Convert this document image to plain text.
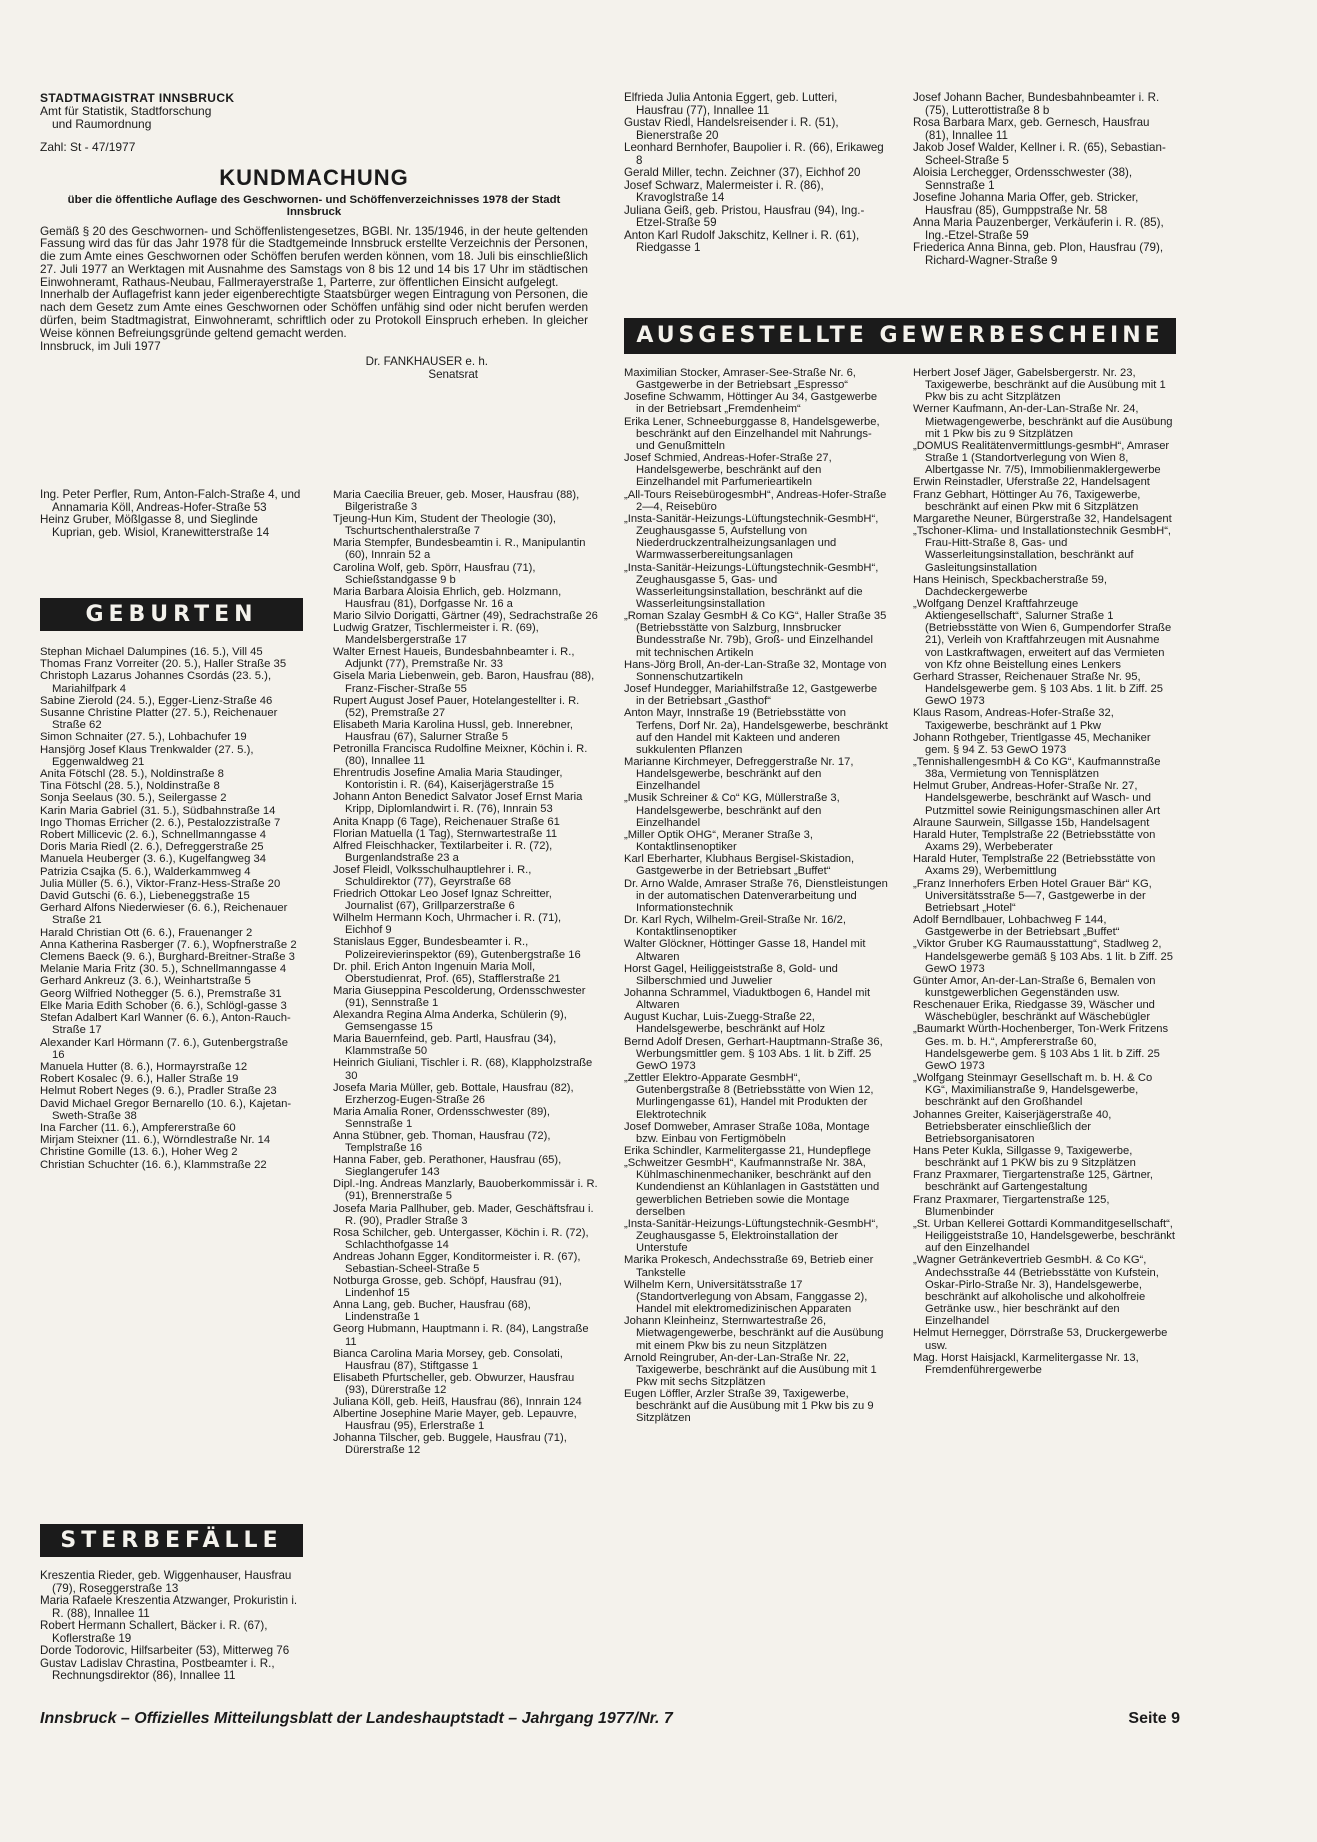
STADTMAGISTRAT INNSBRUCK
Amt für Statistik, Stadtforschung
und Raumordnung
Zahl: St - 47/1977
KUNDMACHUNG
über die öffentliche Auflage des Geschwornen- und Schöffenverzeichnisses 1978 der Stadt Innsbruck
Gemäß § 20 des Geschwornen- und Schöffenlistengesetzes, BGBl. Nr. 135/1946, in der heute geltenden Fassung wird das für das Jahr 1978 für die Stadtgemeinde Innsbruck erstellte Verzeichnis der Personen, die zum Amte eines Geschwornen oder Schöffen berufen werden können, vom 18. Juli bis einschließlich 27. Juli 1977 an Werktagen mit Ausnahme des Samstags von 8 bis 12 und 14 bis 17 Uhr im städtischen Einwohneramt, Rathaus-Neubau, Fallmerayerstraße 1, Parterre, zur öffentlichen Einsicht aufgelegt.
Innerhalb der Auflagefrist kann jeder eigenberechtigte Staatsbürger wegen Eintragung von Personen, die nach dem Gesetz zum Amte eines Geschwornen oder Schöffen unfähig sind oder nicht berufen werden dürfen, beim Stadtmagistrat, Einwohneramt, schriftlich oder zu Protokoll Einspruch erheben. In gleicher Weise können Befreiungsgründe geltend gemacht werden.
Innsbruck, im Juli 1977
Dr. FANKHAUSER e. h.
Senatsrat
Ing. Peter Perfler, Rum, Anton-Falch-Straße 4, und Annamaria Köll, Andreas-Hofer-Straße 53
Heinz Gruber, Mößlgasse 8, und Sieglinde Kuprian, geb. Wisiol, Kranewitterstraße 14
GEBURTEN
Stephan Michael Dalumpines (16. 5.), Vill 45
Thomas Franz Vorreiter (20. 5.), Haller Straße 35
Christoph Lazarus Johannes Csordás (23. 5.), Mariahilfpark 4
Sabine Zierold (24. 5.), Egger-Lienz-Straße 46
Susanne Christine Platter (27. 5.), Reichenauer Straße 62
Simon Schnaiter (27. 5.), Lohbachufer 19
Hansjörg Josef Klaus Trenkwalder (27. 5.), Eggenwaldweg 21
Anita Fötschl (28. 5.), Noldinstraße 8
Tina Fötschl (28. 5.), Noldinstraße 8
Sonja Seelaus (30. 5.), Seilergasse 2
Karin Maria Gabriel (31. 5.), Südbahnstraße 14
Ingo Thomas Erricher (2. 6.), Pestalozzistraße 7
Robert Millicevic (2. 6.), Schnellmanngasse 4
Doris Maria Riedl (2. 6.), Defreggerstraße 25
Manuela Heuberger (3. 6.), Kugelfangweg 34
Patrizia Csajka (5. 6.), Walderkammweg 4
Julia Müller (5. 6.), Viktor-Franz-Hess-Straße 20
David Gutschi (6. 6.), Liebeneggstraße 15
Gerhard Alfons Niederwieser (6. 6.), Reichenauer Straße 21
Harald Christian Ott (6. 6.), Frauenanger 2
Anna Katherina Rasberger (7. 6.), Wopfnerstraße 2
Clemens Baeck (9. 6.), Burghard-Breitner-Straße 3
Melanie Maria Fritz (30. 5.), Schnellmanngasse 4
Gerhard Ankreuz (3. 6.), Weinhartstraße 5
Georg Wilfried Nothegger (5. 6.), Premstraße 31
Elke Maria Edith Schober (6. 6.), Schlögl-gasse 3
Stefan Adalbert Karl Wanner (6. 6.), Anton-Rauch-Straße 17
Alexander Karl Hörmann (7. 6.), Gutenbergstraße 16
Manuela Hutter (8. 6.), Hormayrstraße 12
Robert Kosalec (9. 6.), Haller Straße 19
Helmut Robert Neges (9. 6.), Pradler Straße 23
David Michael Gregor Bernarello (10. 6.), Kajetan-Sweth-Straße 38
Ina Farcher (11. 6.), Ampfererstraße 60
Mirjam Steixner (11. 6.), Wörndlestraße Nr. 14
Christine Gomille (13. 6.), Hoher Weg 2
Christian Schuchter (16. 6.), Klammstraße 22
STERBEFÄLLE
Kreszentia Rieder, geb. Wiggenhauser, Hausfrau (79), Roseggerstraße 13
Maria Rafaele Kreszentia Atzwanger, Prokuristin i. R. (88), Innallee 11
Robert Hermann Schallert, Bäcker i. R. (67), Koflerstraße 19
Dorde Todorovic, Hilfsarbeiter (53), Mitterweg 76
Gustav Ladislav Chrastina, Postbeamter i. R., Rechnungsdirektor (86), Innallee 11
Maria Caecilia Breuer, geb. Moser, Hausfrau (88), Bilgeristraße 3
Tjeung-Hun Kim, Student der Theologie (30), Tschurtschenthalerstraße 7
Maria Stempfer, Bundesbeamtin i. R., Manipulantin (60), Innrain 52 a
Carolina Wolf, geb. Spörr, Hausfrau (71), Schießstandgasse 9 b
Maria Barbara Aloisia Ehrlich, geb. Holzmann, Hausfrau (81), Dorfgasse Nr. 16 a
Mario Silvio Dorigatti, Gärtner (49), Sedrachstraße 26
Ludwig Gratzer, Tischlermeister i. R. (69), Mandelsbergerstraße 17
Walter Ernest Haueis, Bundesbahnbeamter i. R., Adjunkt (77), Premstraße Nr. 33
Gisela Maria Liebenwein, geb. Baron, Hausfrau (88), Franz-Fischer-Straße 55
Rupert August Josef Pauer, Hotelangestellter i. R. (52), Premstraße 27
Elisabeth Maria Karolina Hussl, geb. Innerebner, Hausfrau (67), Salurner Straße 5
Petronilla Francisca Rudolfine Meixner, Köchin i. R. (80), Innallee 11
Ehrentrudis Josefine Amalia Maria Staudinger, Kontoristin i. R. (64), Kaiserjägerstraße 15
Johann Anton Benedict Salvator Josef Ernst Maria Kripp, Diplomlandwirt i. R. (76), Innrain 53
Anita Knapp (6 Tage), Reichenauer Straße 61
Florian Matuella (1 Tag), Sternwartestraße 11
Alfred Fleischhacker, Textilarbeiter i. R. (72), Burgenlandstraße 23 a
Josef Fleidl, Volksschulhauptlehrer i. R., Schuldirektor (77), Geyrstraße 68
Friedrich Ottokar Leo Josef Ignaz Schreitter, Journalist (67), Grillparzerstraße 6
Wilhelm Hermann Koch, Uhrmacher i. R. (71), Eichhof 9
Stanislaus Egger, Bundesbeamter i. R., Polizeirevierinspektor (69), Gutenbergstraße 16
Dr. phil. Erich Anton Ingenuin Maria Moll, Oberstudienrat, Prof. (65), Stafflerstraße 21
Maria Giuseppina Pescolderung, Ordensschwester (91), Sennstraße 1
Alexandra Regina Alma Anderka, Schülerin (9), Gemsengasse 15
Maria Bauernfeind, geb. Partl, Hausfrau (34), Klammstraße 50
Heinrich Giuliani, Tischler i. R. (68), Klappholzstraße 30
Josefa Maria Müller, geb. Bottale, Hausfrau (82), Erzherzog-Eugen-Straße 26
Maria Amalia Roner, Ordensschwester (89), Sennstraße 1
Anna Stübner, geb. Thoman, Hausfrau (72), Templstraße 16
Hanna Faber, geb. Perathoner, Hausfrau (65), Sieglangerufer 143
Dipl.-Ing. Andreas Manzlarly, Bauoberkommissär i. R. (91), Brennerstraße 5
Josefa Maria Pallhuber, geb. Mader, Geschäftsfrau i. R. (90), Pradler Straße 3
Rosa Schilcher, geb. Untergasser, Köchin i. R. (72), Schlachthofgasse 14
Andreas Johann Egger, Konditormeister i. R. (67), Sebastian-Scheel-Straße 5
Notburga Grosse, geb. Schöpf, Hausfrau (91), Lindenhof 15
Anna Lang, geb. Bucher, Hausfrau (68), Lindenstraße 1
Georg Hubmann, Hauptmann i. R. (84), Langstraße 11
Bianca Carolina Maria Morsey, geb. Consolati, Hausfrau (87), Stiftgasse 1
Elisabeth Pfurtscheller, geb. Obwurzer, Hausfrau (93), Dürerstraße 12
Juliana Köll, geb. Heiß, Hausfrau (86), Innrain 124
Albertine Josephine Marie Mayer, geb. Lepauvre, Hausfrau (95), Erlerstraße 1
Johanna Tilscher, geb. Buggele, Hausfrau (71), Dürerstraße 12
Elfrieda Julia Antonia Eggert, geb. Lutteri, Hausfrau (77), Innallee 11
Gustav Riedl, Handelsreisender i. R. (51), Bienerstraße 20
Leonhard Bernhofer, Baupolier i. R. (66), Erikaweg 8
Gerald Miller, techn. Zeichner (37), Eichhof 20
Josef Schwarz, Malermeister i. R. (86), Kravoglstraße 14
Juliana Geiß, geb. Pristou, Hausfrau (94), Ing.-Etzel-Straße 59
Anton Karl Rudolf Jakschitz, Kellner i. R. (61), Riedgasse 1
Josef Johann Bacher, Bundesbahnbeamter i. R. (75), Lutterottistraße 8 b
Rosa Barbara Marx, geb. Gernesch, Hausfrau (81), Innallee 11
Jakob Josef Walder, Kellner i. R. (65), Sebastian-Scheel-Straße 5
Aloisia Lerchegger, Ordensschwester (38), Sennstraße 1
Josefine Johanna Maria Offer, geb. Stricker, Hausfrau (85), Gumppstraße Nr. 58
Anna Maria Pauzenberger, Verkäuferin i. R. (85), Ing.-Etzel-Straße 59
Friederica Anna Binna, geb. Plon, Hausfrau (79), Richard-Wagner-Straße 9
AUSGESTELLTE GEWERBESCHEINE
Maximilian Stocker, Amraser-See-Straße Nr. 6, Gastgewerbe in der Betriebsart „Espresso“
Josefine Schwamm, Höttinger Au 34, Gastgewerbe in der Betriebsart „Fremdenheim“
Erika Lener, Schneeburggasse 8, Handelsgewerbe, beschränkt auf den Einzelhandel mit Nahrungs- und Genußmitteln
Josef Schmied, Andreas-Hofer-Straße 27, Handelsgewerbe, beschränkt auf den Einzelhandel mit Parfumerieartikeln
„All-Tours ReisebürogesmbH“, Andreas-Hofer-Straße 2—4, Reisebüro
„Insta-Sanitär-Heizungs-Lüftungstechnik-GesmbH“, Zeughausgasse 5, Aufstellung von Niederdruckzentralheizungsanlagen und Warmwasserbereitungsanlagen
„Insta-Sanitär-Heizungs-Lüftungstechnik-GesmbH“, Zeughausgasse 5, Gas- und Wasserleitungsinstallation, beschränkt auf die Wasserleitungsinstallation
„Roman Szalay GesmbH & Co KG“, Haller Straße 35 (Betriebsstätte von Salzburg, Innsbrucker Bundesstraße Nr. 79b), Groß- und Einzelhandel mit technischen Artikeln
Hans-Jörg Broll, An-der-Lan-Straße 32, Montage von Sonnenschutzartikeln
Josef Hundegger, Mariahilfstraße 12, Gastgewerbe in der Betriebsart „Gasthof“
Anton Mayr, Innstraße 19 (Betriebsstätte von Terfens, Dorf Nr. 2a), Handelsgewerbe, beschränkt auf den Handel mit Kakteen und anderen sukkulenten Pflanzen
Marianne Kirchmeyer, Defreggerstraße Nr. 17, Handelsgewerbe, beschränkt auf den Einzelhandel
„Musik Schreiner & Co“ KG, Müllerstraße 3, Handelsgewerbe, beschränkt auf den Einzelhandel
„Miller Optik OHG“, Meraner Straße 3, Kontaktlinsenoptiker
Karl Eberharter, Klubhaus Bergisel-Skistadion, Gastgewerbe in der Betriebsart „Buffet“
Dr. Arno Walde, Amraser Straße 76, Dienstleistungen in der automatischen Datenverarbeitung und Informationstechnik
Dr. Karl Rych, Wilhelm-Greil-Straße Nr. 16/2, Kontaktlinsenoptiker
Walter Glöckner, Höttinger Gasse 18, Handel mit Altwaren
Horst Gagel, Heiliggeiststraße 8, Gold- und Silberschmied und Juwelier
Johanna Schrammel, Viaduktbogen 6, Handel mit Altwaren
August Kuchar, Luis-Zuegg-Straße 22, Handelsgewerbe, beschränkt auf Holz
Bernd Adolf Dresen, Gerhart-Hauptmann-Straße 36, Werbungsmittler gem. § 103 Abs. 1 lit. b Ziff. 25 GewO 1973
„Zettler Elektro-Apparate GesmbH“, Gutenbergstraße 8 (Betriebsstätte von Wien 12, Murlingengasse 61), Handel mit Produkten der Elektrotechnik
Josef Domweber, Amraser Straße 108a, Montage bzw. Einbau von Fertigmöbeln
Erika Schindler, Karmelitergasse 21, Hundepflege
„Schweitzer GesmbH“, Kaufmannstraße Nr. 38A, Kühlmaschinenmechaniker, beschränkt auf den Kundendienst an Kühlanlagen in Gaststätten und gewerblichen Betrieben sowie die Montage derselben
„Insta-Sanitär-Heizungs-Lüftungstechnik-GesmbH“, Zeughausgasse 5, Elektroinstallation der Unterstufe
Marika Prokesch, Andechsstraße 69, Betrieb einer Tankstelle
Wilhelm Kern, Universitätsstraße 17 (Standortverlegung von Absam, Fanggasse 2), Handel mit elektromedizinischen Apparaten
Johann Kleinheinz, Sternwartestraße 26, Mietwagengewerbe, beschränkt auf die Ausübung mit einem Pkw bis zu neun Sitzplätzen
Arnold Reingruber, An-der-Lan-Straße Nr. 22, Taxigewerbe, beschränkt auf die Ausübung mit 1 Pkw mit sechs Sitzplätzen
Eugen Löffler, Arzler Straße 39, Taxigewerbe, beschränkt auf die Ausübung mit 1 Pkw bis zu 9 Sitzplätzen
Herbert Josef Jäger, Gabelsbergerstr. Nr. 23, Taxigewerbe, beschränkt auf die Ausübung mit 1 Pkw bis zu acht Sitzplätzen
Werner Kaufmann, An-der-Lan-Straße Nr. 24, Mietwagengewerbe, beschränkt auf die Ausübung mit 1 Pkw bis zu 9 Sitzplätzen
„DOMUS Realitätenvermittlungs-gesmbH“, Amraser Straße 1 (Standortverlegung von Wien 8, Albertgasse Nr. 7/5), Immobilienmaklergewerbe
Erwin Reinstadler, Uferstraße 22, Handelsagent
Franz Gebhart, Höttinger Au 76, Taxigewerbe, beschränkt auf einen Pkw mit 6 Sitzplätzen
Margarethe Neuner, Bürgerstraße 32, Handelsagent
„Tschoner-Klima- und Installationstechnik GesmbH“, Frau-Hitt-Straße 8, Gas- und Wasserleitungsinstallation, beschränkt auf Gasleitungsinstallation
Hans Heinisch, Speckbacherstraße 59, Dachdeckergewerbe
„Wolfgang Denzel Kraftfahrzeuge Aktiengesellschaft“, Salurner Straße 1 (Betriebsstätte von Wien 6, Gumpendorfer Straße 21), Verleih von Kraftfahrzeugen mit Ausnahme von Lastkraftwagen, erweitert auf das Vermieten von Kfz ohne Beistellung eines Lenkers
Gerhard Strasser, Reichenauer Straße Nr. 95, Handelsgewerbe gem. § 103 Abs. 1 lit. b Ziff. 25 GewO 1973
Klaus Rasom, Andreas-Hofer-Straße 32, Taxigewerbe, beschränkt auf 1 Pkw
Johann Rothgeber, Trientlgasse 45, Mechaniker gem. § 94 Z. 53 GewO 1973
„TennishallengesmbH & Co KG“, Kaufmannstraße 38a, Vermietung von Tennisplätzen
Helmut Gruber, Andreas-Hofer-Straße Nr. 27, Handelsgewerbe, beschränkt auf Wasch- und Putzmittel sowie Reinigungsmaschinen aller Art
Alraune Saurwein, Sillgasse 15b, Handelsagent
Harald Huter, Templstraße 22 (Betriebsstätte von Axams 29), Werbeberater
Harald Huter, Templstraße 22 (Betriebsstätte von Axams 29), Werbemittlung
„Franz Innerhofers Erben Hotel Grauer Bär“ KG, Universitätsstraße 5—7, Gastgewerbe in der Betriebsart „Hotel“
Adolf Berndlbauer, Lohbachweg F 144, Gastgewerbe in der Betriebsart „Buffet“
„Viktor Gruber KG Raumausstattung“, Stadlweg 2, Handelsgewerbe gemäß § 103 Abs. 1 lit. b Ziff. 25 GewO 1973
Günter Amor, An-der-Lan-Straße 6, Bemalen von kunstgewerblichen Gegenständen usw.
Reschenauer Erika, Riedgasse 39, Wäscher und Wäschebügler, beschränkt auf Wäschebügler
„Baumarkt Würth-Hochenberger, Ton-Werk Fritzens Ges. m. b. H.“, Ampfererstraße 60, Handelsgewerbe gem. § 103 Abs 1 lit. b Ziff. 25 GewO 1973
„Wolfgang Steinmayr Gesellschaft m. b. H. & Co KG“, Maximilianstraße 9, Handelsgewerbe, beschränkt auf den Großhandel
Johannes Greiter, Kaiserjägerstraße 40, Betriebsberater einschließlich der Betriebsorganisatoren
Hans Peter Kukla, Sillgasse 9, Taxigewerbe, beschränkt auf 1 PKW bis zu 9 Sitzplätzen
Franz Praxmarer, Tiergartenstraße 125, Gärtner, beschränkt auf Gartengestaltung
Franz Praxmarer, Tiergartenstraße 125, Blumenbinder
„St. Urban Kellerei Gottardi Kommanditgesellschaft“, Heiliggeiststraße 10, Handelsgewerbe, beschränkt auf den Einzelhandel
„Wagner Getränkevertrieb GesmbH. & Co KG“, Andechsstraße 44 (Betriebsstätte von Kufstein, Oskar-Pirlo-Straße Nr. 3), Handelsgewerbe, beschränkt auf alkoholische und alkoholfreie Getränke usw., hier beschränkt auf den Einzelhandel
Helmut Hernegger, Dörrstraße 53, Druckergewerbe usw.
Mag. Horst Haisjackl, Karmelitergasse Nr. 13, Fremdenführergewerbe
Innsbruck – Offizielles Mitteilungsblatt der Landeshauptstadt – Jahrgang 1977/Nr. 7	Seite 9
